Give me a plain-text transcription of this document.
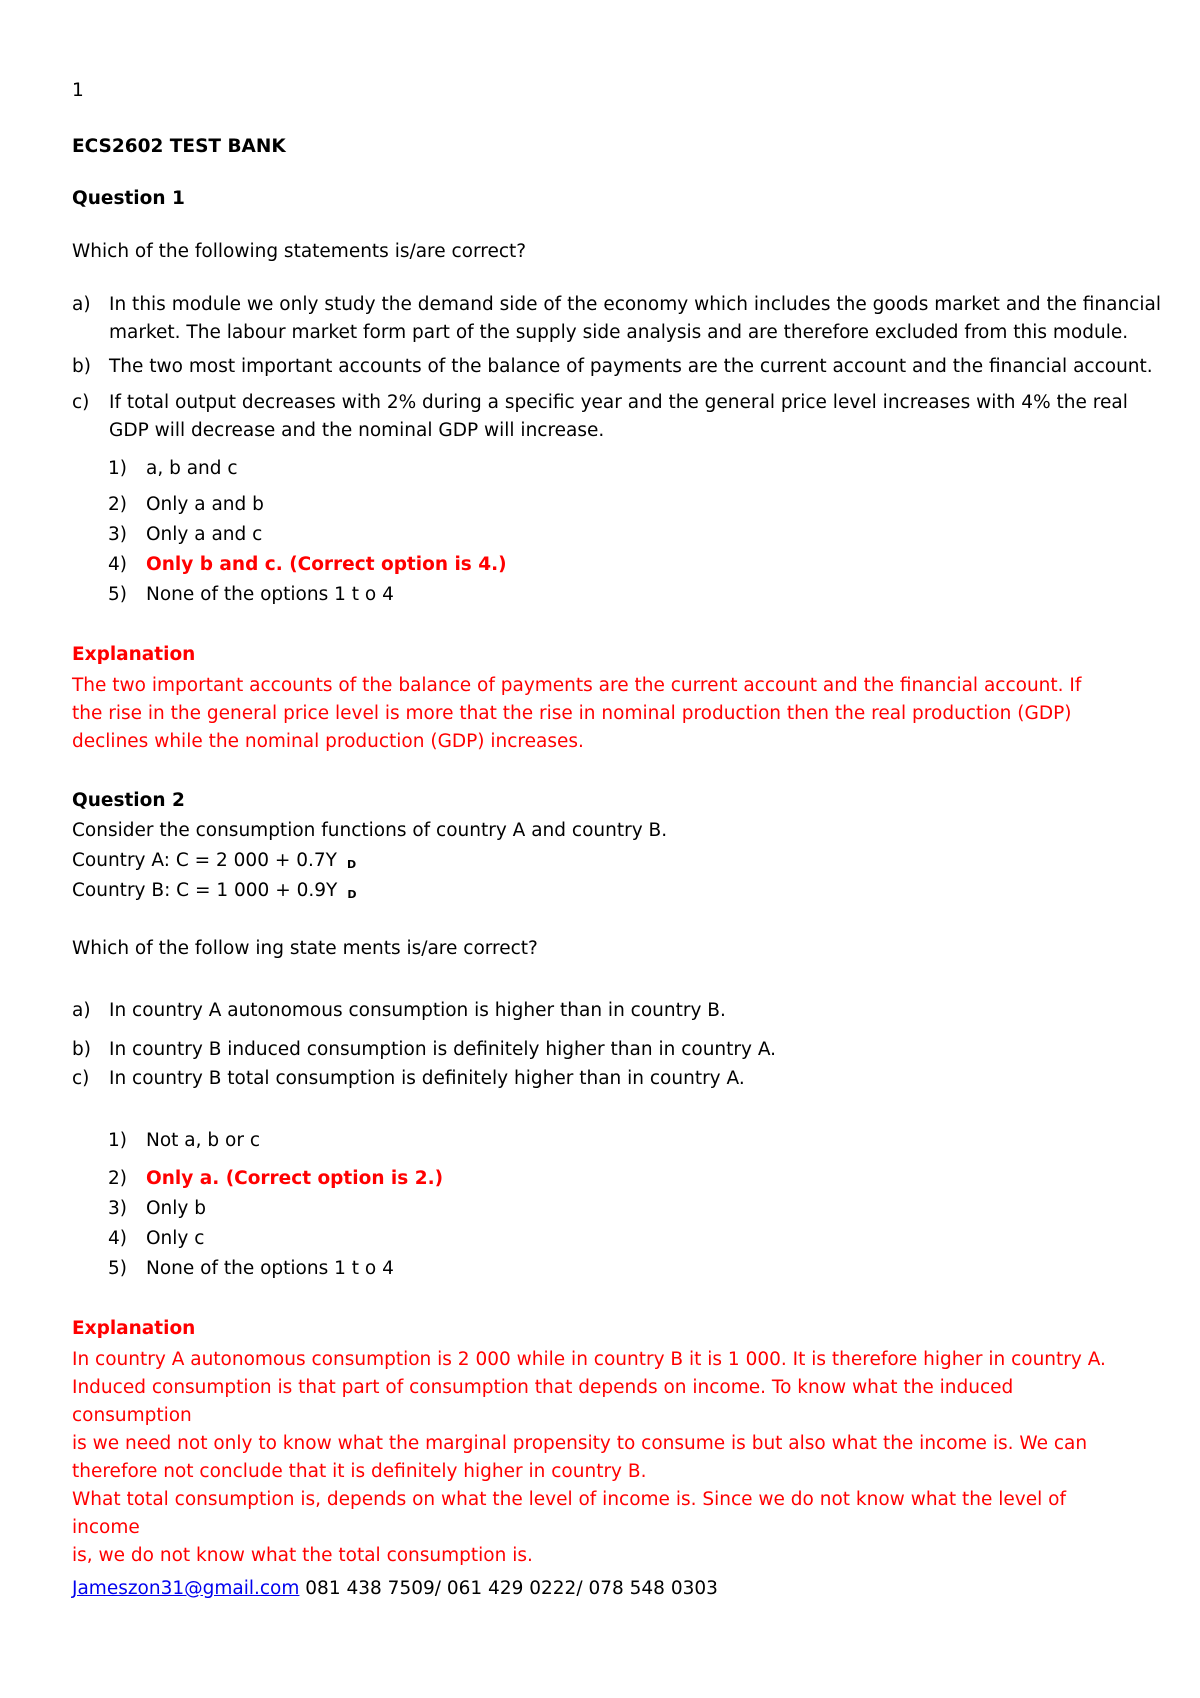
1
ECS2602 TEST BANK
Question 1
Which of the following statements is/are correct?
a) In this module we only study the demand side of the economy which includes the goods market and the financial
market. The labour market form part of the supply side analysis and are therefore excluded from this module.
b) The two most important accounts of the balance of payments are the current account and the financial account.
c) If total output decreases with 2% during a specific year and the general price level increases with 4% the real
GDP will decrease and the nominal GDP will increase.
1) a, b and c
2) Only a and b
3) Only a and c
4) Only b and c. (Correct option is 4.)
5) None of the options 1 t o 4
Explanation
The two important accounts of the balance of payments are the current account and the financial account. If
the rise in the general price level is more that the rise in nominal production then the real production (GDP)
declines while the nominal production (GDP) increases.
Question 2
Consider the consumption functions of country A and country B.
Country A: C = 2 000 + 0.7Y D
Country B: C = 1 000 + 0.9Y D
Which of the follow ing state ments is/are correct?
a) In country A autonomous consumption is higher than in country B.
b) In country B induced consumption is definitely higher than in country A.
c) In country B total consumption is definitely higher than in country A.
1) Not a, b or c
2) Only a. (Correct option is 2.)
3) Only b
4) Only c
5) None of the options 1 t o 4
Explanation
In country A autonomous consumption is 2 000 while in country B it is 1 000. It is therefore higher in country A.
Induced consumption is that part of consumption that depends on income. To know what the induced consumption
is we need not only to know what the marginal propensity to consume is but also what the income is. We can
therefore not conclude that it is definitely higher in country B.
What total consumption is, depends on what the level of income is. Since we do not know what the level of income
is, we do not know what the total consumption is.
Jameszon31@gmail.com 081 438 7509/ 061 429 0222/ 078 548 0303
